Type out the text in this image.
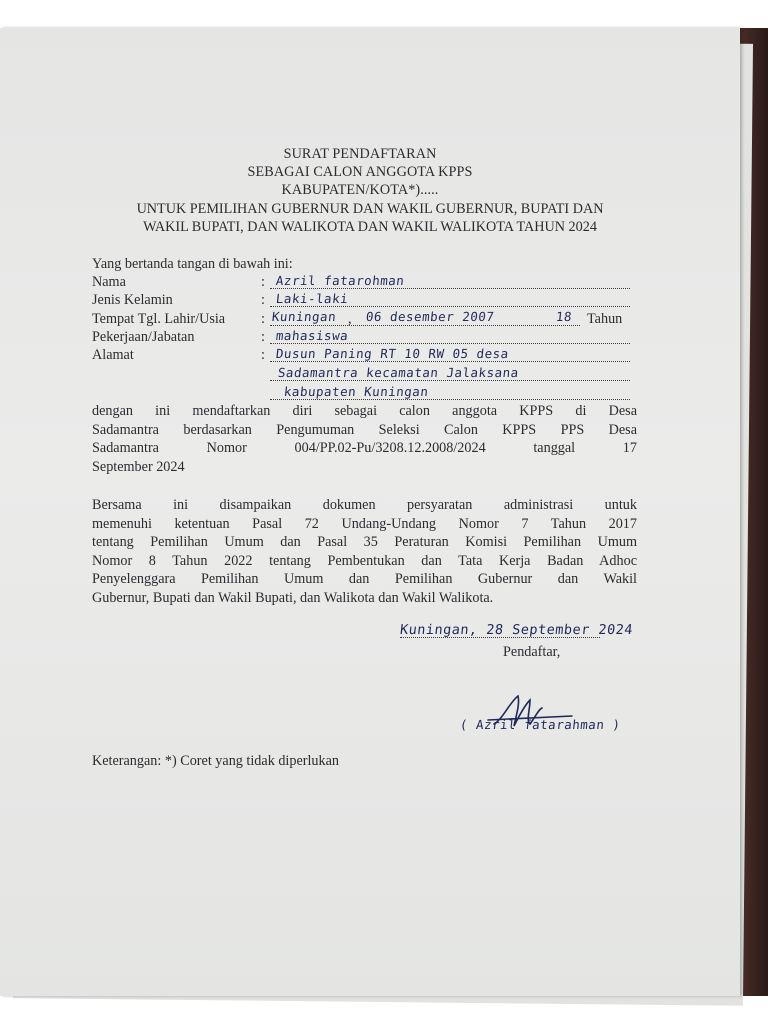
SURAT PENDAFTARAN
SEBAGAI CALON ANGGOTA KPPS
KABUPATEN/KOTA*).....
UNTUK PEMILIHAN GUBERNUR DAN WAKIL GUBERNUR, BUPATI DAN
WAKIL BUPATI, DAN WALIKOTA DAN WAKIL WALIKOTA TAHUN 2024
Yang bertanda tangan di bawah ini:
Nama	: Azril fatarohman
Jenis Kelamin	: Laki-laki
Tempat Tgl. Lahir/Usia	: Kuningan , 06 desember 2007	18 Tahun
Pekerjaan/Jabatan	: mahasiswa
Alamat	: Dusun Paning RT 10 RW 05 desa
Sadamantra kecamatan Jalaksana
kabupaten Kuningan
dengan ini mendaftarkan diri sebagai calon anggota KPPS di Desa
Sadamantra berdasarkan Pengumuman Seleksi Calon KPPS PPS Desa
Sadamantra Nomor 004/PP.02-Pu/3208.12.2008/2024 tanggal 17
September 2024
Bersama ini disampaikan dokumen persyaratan administrasi untuk
memenuhi ketentuan Pasal 72 Undang-Undang Nomor 7 Tahun 2017
tentang Pemilihan Umum dan Pasal 35 Peraturan Komisi Pemilihan Umum
Nomor 8 Tahun 2022 tentang Pembentukan dan Tata Kerja Badan Adhoc
Penyelenggara Pemilihan Umum dan Pemilihan Gubernur dan Wakil
Gubernur, Bupati dan Wakil Bupati, dan Walikota dan Wakil Walikota.
Kuningan, 28 September 2024
Pendaftar,
( Azril fatarahman )
Keterangan: *) Coret yang tidak diperlukan
